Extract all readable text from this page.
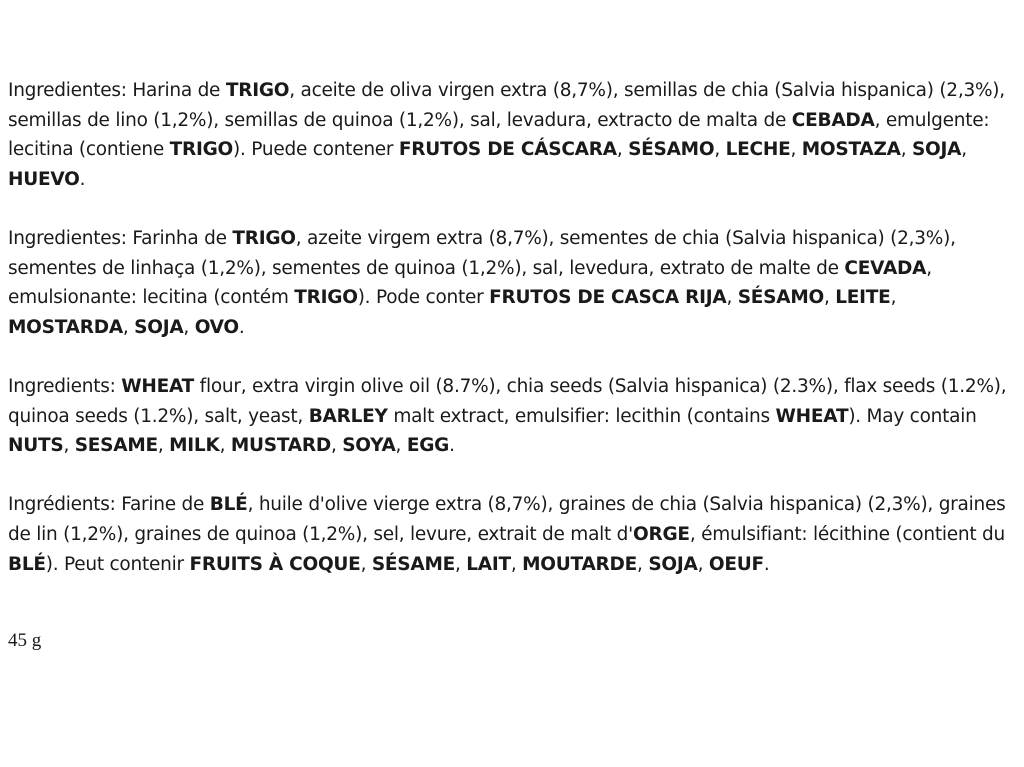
Ingredientes: Harina de TRIGO, aceite de oliva virgen extra (8,7%), semillas de chia (Salvia hispanica) (2,3%), semillas de lino (1,2%), semillas de quinoa (1,2%), sal, levadura, extracto de malta de CEBADA, emulgente: lecitina (contiene TRIGO). Puede contener FRUTOS DE CÁSCARA, SÉSAMO, LECHE, MOSTAZA, SOJA, HUEVO.

Ingredientes: Farinha de TRIGO, azeite virgem extra (8,7%), sementes de chia (Salvia hispanica) (2,3%), sementes de linhaça (1,2%), sementes de quinoa (1,2%), sal, levedura, extrato de malte de CEVADA, emulsionante: lecitina (contém TRIGO). Pode conter FRUTOS DE CASCA RIJA, SÉSAMO, LEITE, MOSTARDA, SOJA, OVO.

Ingredients: WHEAT flour, extra virgin olive oil (8.7%), chia seeds (Salvia hispanica) (2.3%), flax seeds (1.2%), quinoa seeds (1.2%), salt, yeast, BARLEY malt extract, emulsifier: lecithin (contains WHEAT). May contain NUTS, SESAME, MILK, MUSTARD, SOYA, EGG.

Ingrédients: Farine de BLÉ, huile d'olive vierge extra (8,7%), graines de chia (Salvia hispanica) (2,3%), graines de lin (1,2%), graines de quinoa (1,2%), sel, levure, extrait de malt d'ORGE, émulsifiant: lécithine (contient du BLÉ). Peut contenir FRUITS À COQUE, SÉSAME, LAIT, MOUTARDE, SOJA, OEUF.

45 g
